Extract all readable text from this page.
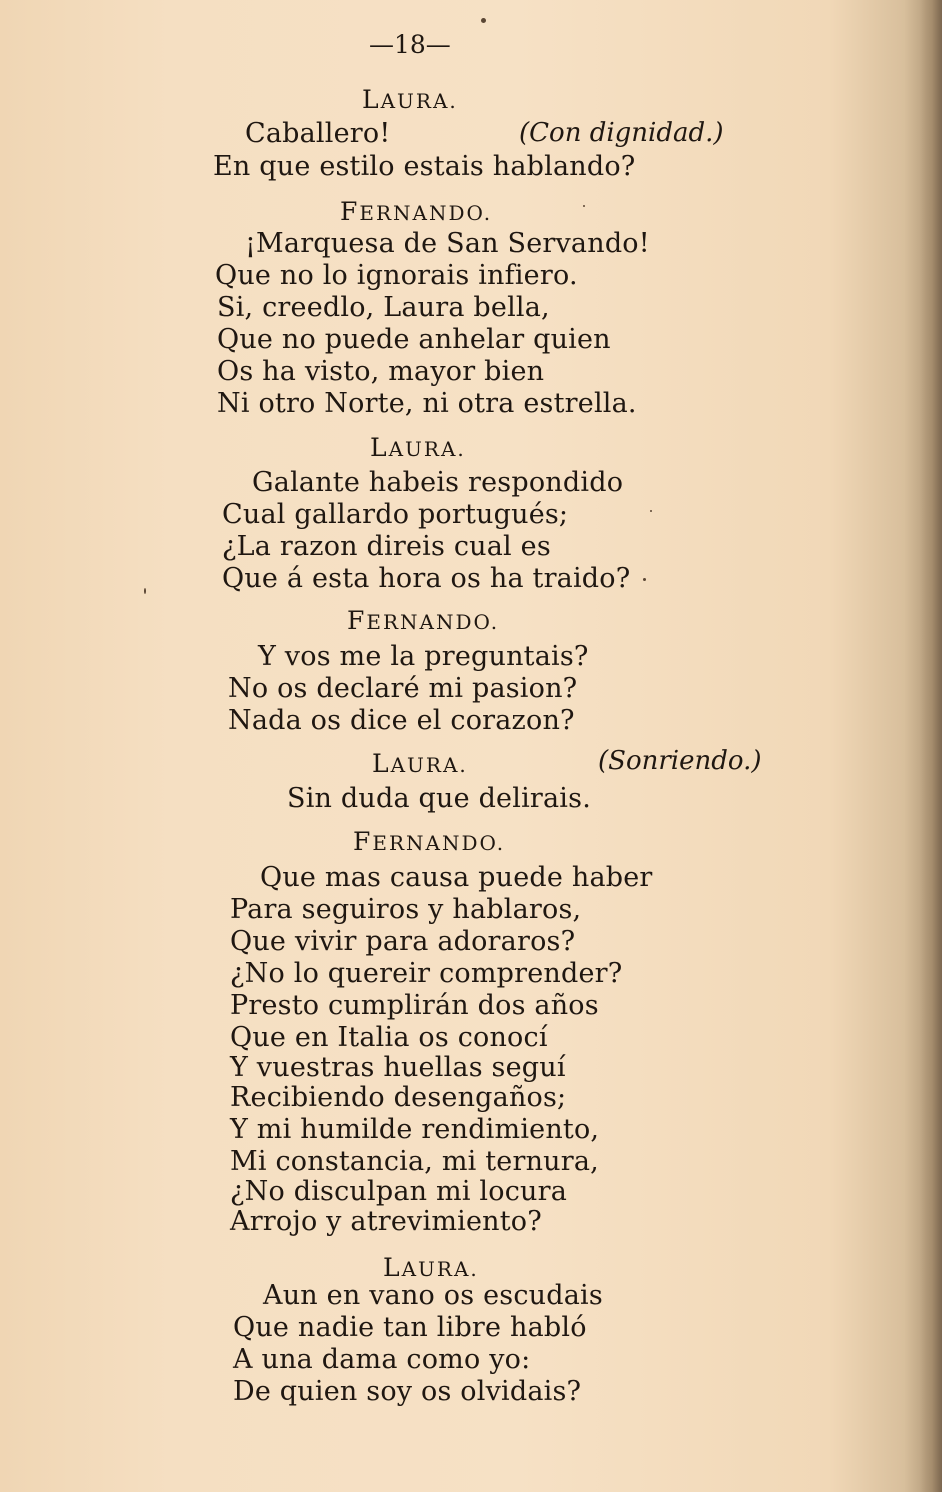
—18—
LAURA.
Caballero!	(Con dignidad.)
En que estilo estais hablando?
FERNANDO.
¡Marquesa de San Servando!
Que no lo ignorais infiero.
Si, creedlo, Laura bella,
Que no puede anhelar quien
Os ha visto, mayor bien
Ni otro Norte, ni otra estrella.
LAURA.
Galante habeis respondido
Cual gallardo portugués;
¿La razon direis cual es
Que á esta hora os ha traido?
FERNANDO.
Y vos me la preguntais?
No os declaré mi pasion?
Nada os dice el corazon?
LAURA.	(Sonriendo.)
Sin duda que delirais.
FERNANDO.
Que mas causa puede haber
Para seguiros y hablaros,
Que vivir para adoraros?
¿No lo quereir comprender?
Presto cumplirán dos años
Que en Italia os conocí
Y vuestras huellas seguí
Recibiendo desengaños;
Y mi humilde rendimiento,
Mi constancia, mi ternura,
¿No disculpan mi locura
Arrojo y atrevimiento?
LAURA.
Aun en vano os escudais
Que nadie tan libre habló
A una dama como yo:
De quien soy os olvidais?
